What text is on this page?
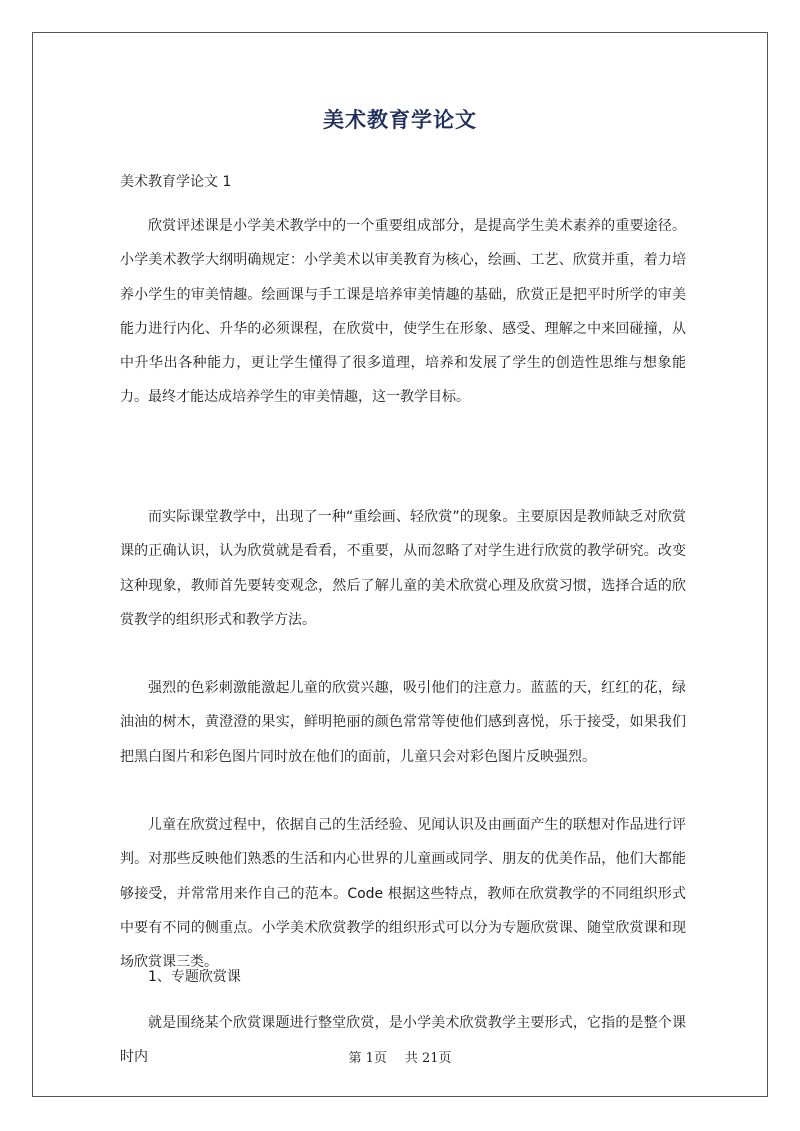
美术教育学论文
美术教育学论文 1

欣赏评述课是小学美术教学中的一个重要组成部分，是提高学生美术素养的重要途径。小学美术教学大纲明确规定：小学美术以审美教育为核心，绘画、工艺、欣赏并重，着力培养小学生的审美情趣。绘画课与手工课是培养审美情趣的基础，欣赏正是把平时所学的审美能力进行内化、升华的必须课程，在欣赏中，使学生在形象、感受、理解之中来回碰撞，从中升华出各种能力，更让学生懂得了很多道理，培养和发展了学生的创造性思维与想象能力。最终才能达成培养学生的审美情趣，这一教学目标。

而实际课堂教学中，出现了一种“重绘画、轻欣赏”的现象。主要原因是教师缺乏对欣赏课的正确认识，认为欣赏就是看看，不重要，从而忽略了对学生进行欣赏的教学研究。改变这种现象，教师首先要转变观念，然后了解儿童的美术欣赏心理及欣赏习惯，选择合适的欣赏教学的组织形式和教学方法。

强烈的色彩刺激能激起儿童的欣赏兴趣，吸引他们的注意力。蓝蓝的天，红红的花，绿油油的树木，黄澄澄的果实，鲜明艳丽的颜色常常等使他们感到喜悦，乐于接受，如果我们把黑白图片和彩色图片同时放在他们的面前，儿童只会对彩色图片反映强烈。

儿童在欣赏过程中，依据自己的生活经验、见闻认识及由画面产生的联想对作品进行评判。对那些反映他们熟悉的生活和内心世界的儿童画或同学、朋友的优美作品，他们大都能够接受，并常常用来作自己的范本。Code 根据这些特点，教师在欣赏教学的不同组织形式中要有不同的侧重点。小学美术欣赏教学的组织形式可以分为专题欣赏课、随堂欣赏课和现场欣赏课三类。

1、专题欣赏课

就是围绕某个欣赏课题进行整堂欣赏，是小学美术欣赏教学主要形式，它指的是整个课时内	第 1页 共 21页
